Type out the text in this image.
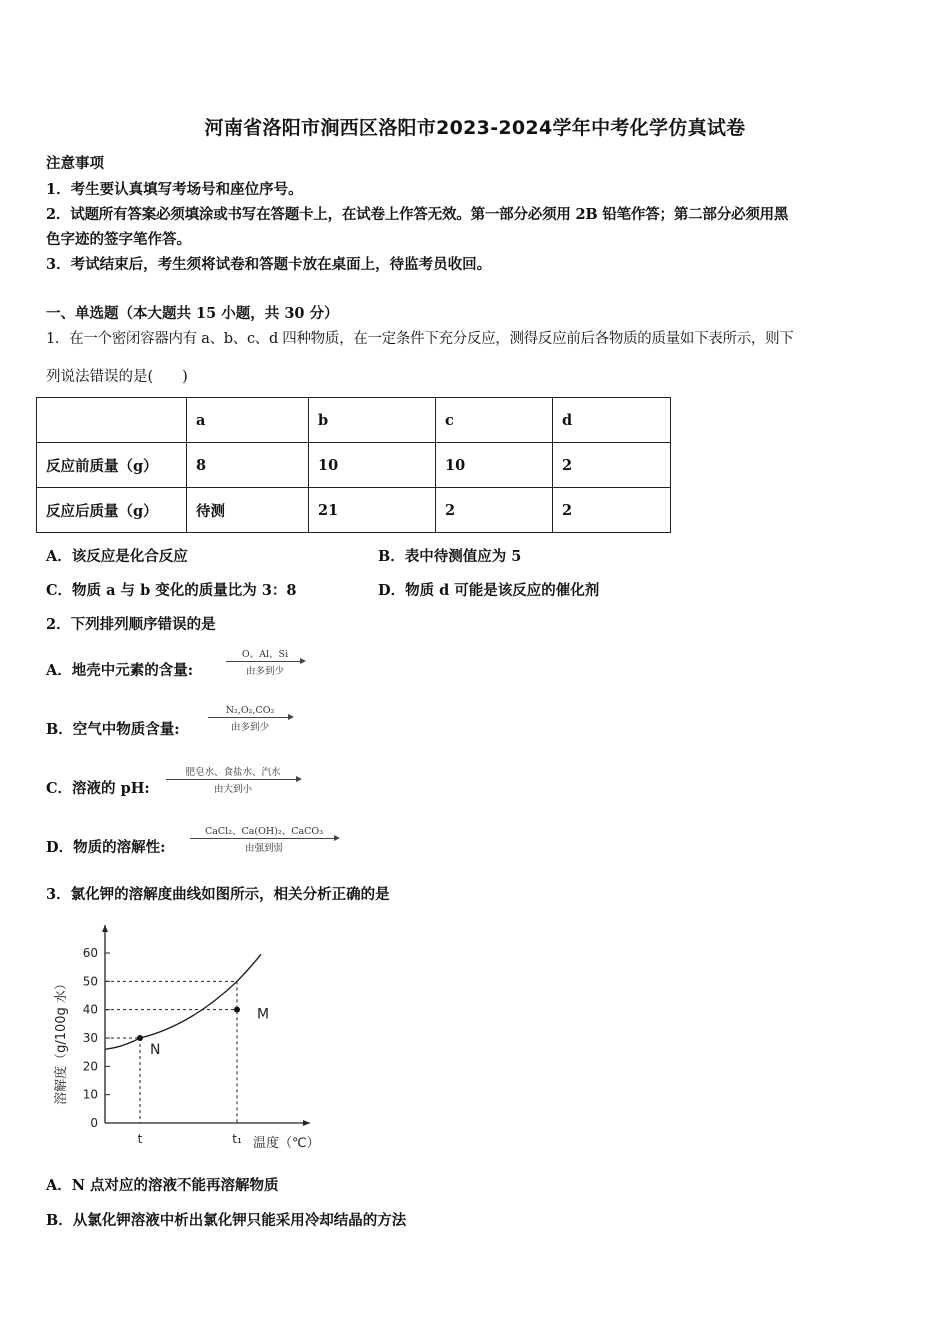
河南省洛阳市涧西区洛阳市2023-2024学年中考化学仿真试卷
注意事项
1．考生要认真填写考场号和座位序号。
2．试题所有答案必须填涂或书写在答题卡上，在试卷上作答无效。第一部分必须用 2B 铅笔作答；第二部分必须用黑
色字迹的签字笔作答。
3．考试结束后，考生须将试卷和答题卡放在桌面上，待监考员收回。
一、单选题（本大题共 15 小题，共 30 分）
1．在一个密闭容器内有 a、b、c、d 四种物质，在一定条件下充分反应，测得反应前后各物质的质量如下表所示，则下
列说法错误的是(　　)
	a	b	c	d
反应前质量（g）	8	10	10	2
反应后质量（g）	待测	21	2	2
A．该反应是化合反应	B．表中待测值应为 5
C．物质 a 与 b 变化的质量比为 3：8	D．物质 d 可能是该反应的催化剂
2．下列排列顺序错误的是
A．地壳中元素的含量:
O、Al、Si
由多到少
B．空气中物质含量:
N₂,O₂,CO₂
由多到少
C．溶液的 pH:
肥皂水、食盐水、汽水
由大到小
D．物质的溶解性:
CaCl₂、Ca(OH)₂、CaCO₃
由强到弱
3．氯化钾的溶解度曲线如图所示，相关分析正确的是
0
10
20
30
40
50
60
t	t₁ 温度（℃）
溶解度（g/100g 水）	N
M
A．N 点对应的溶液不能再溶解物质
B．从氯化钾溶液中析出氯化钾只能采用冷却结晶的方法
